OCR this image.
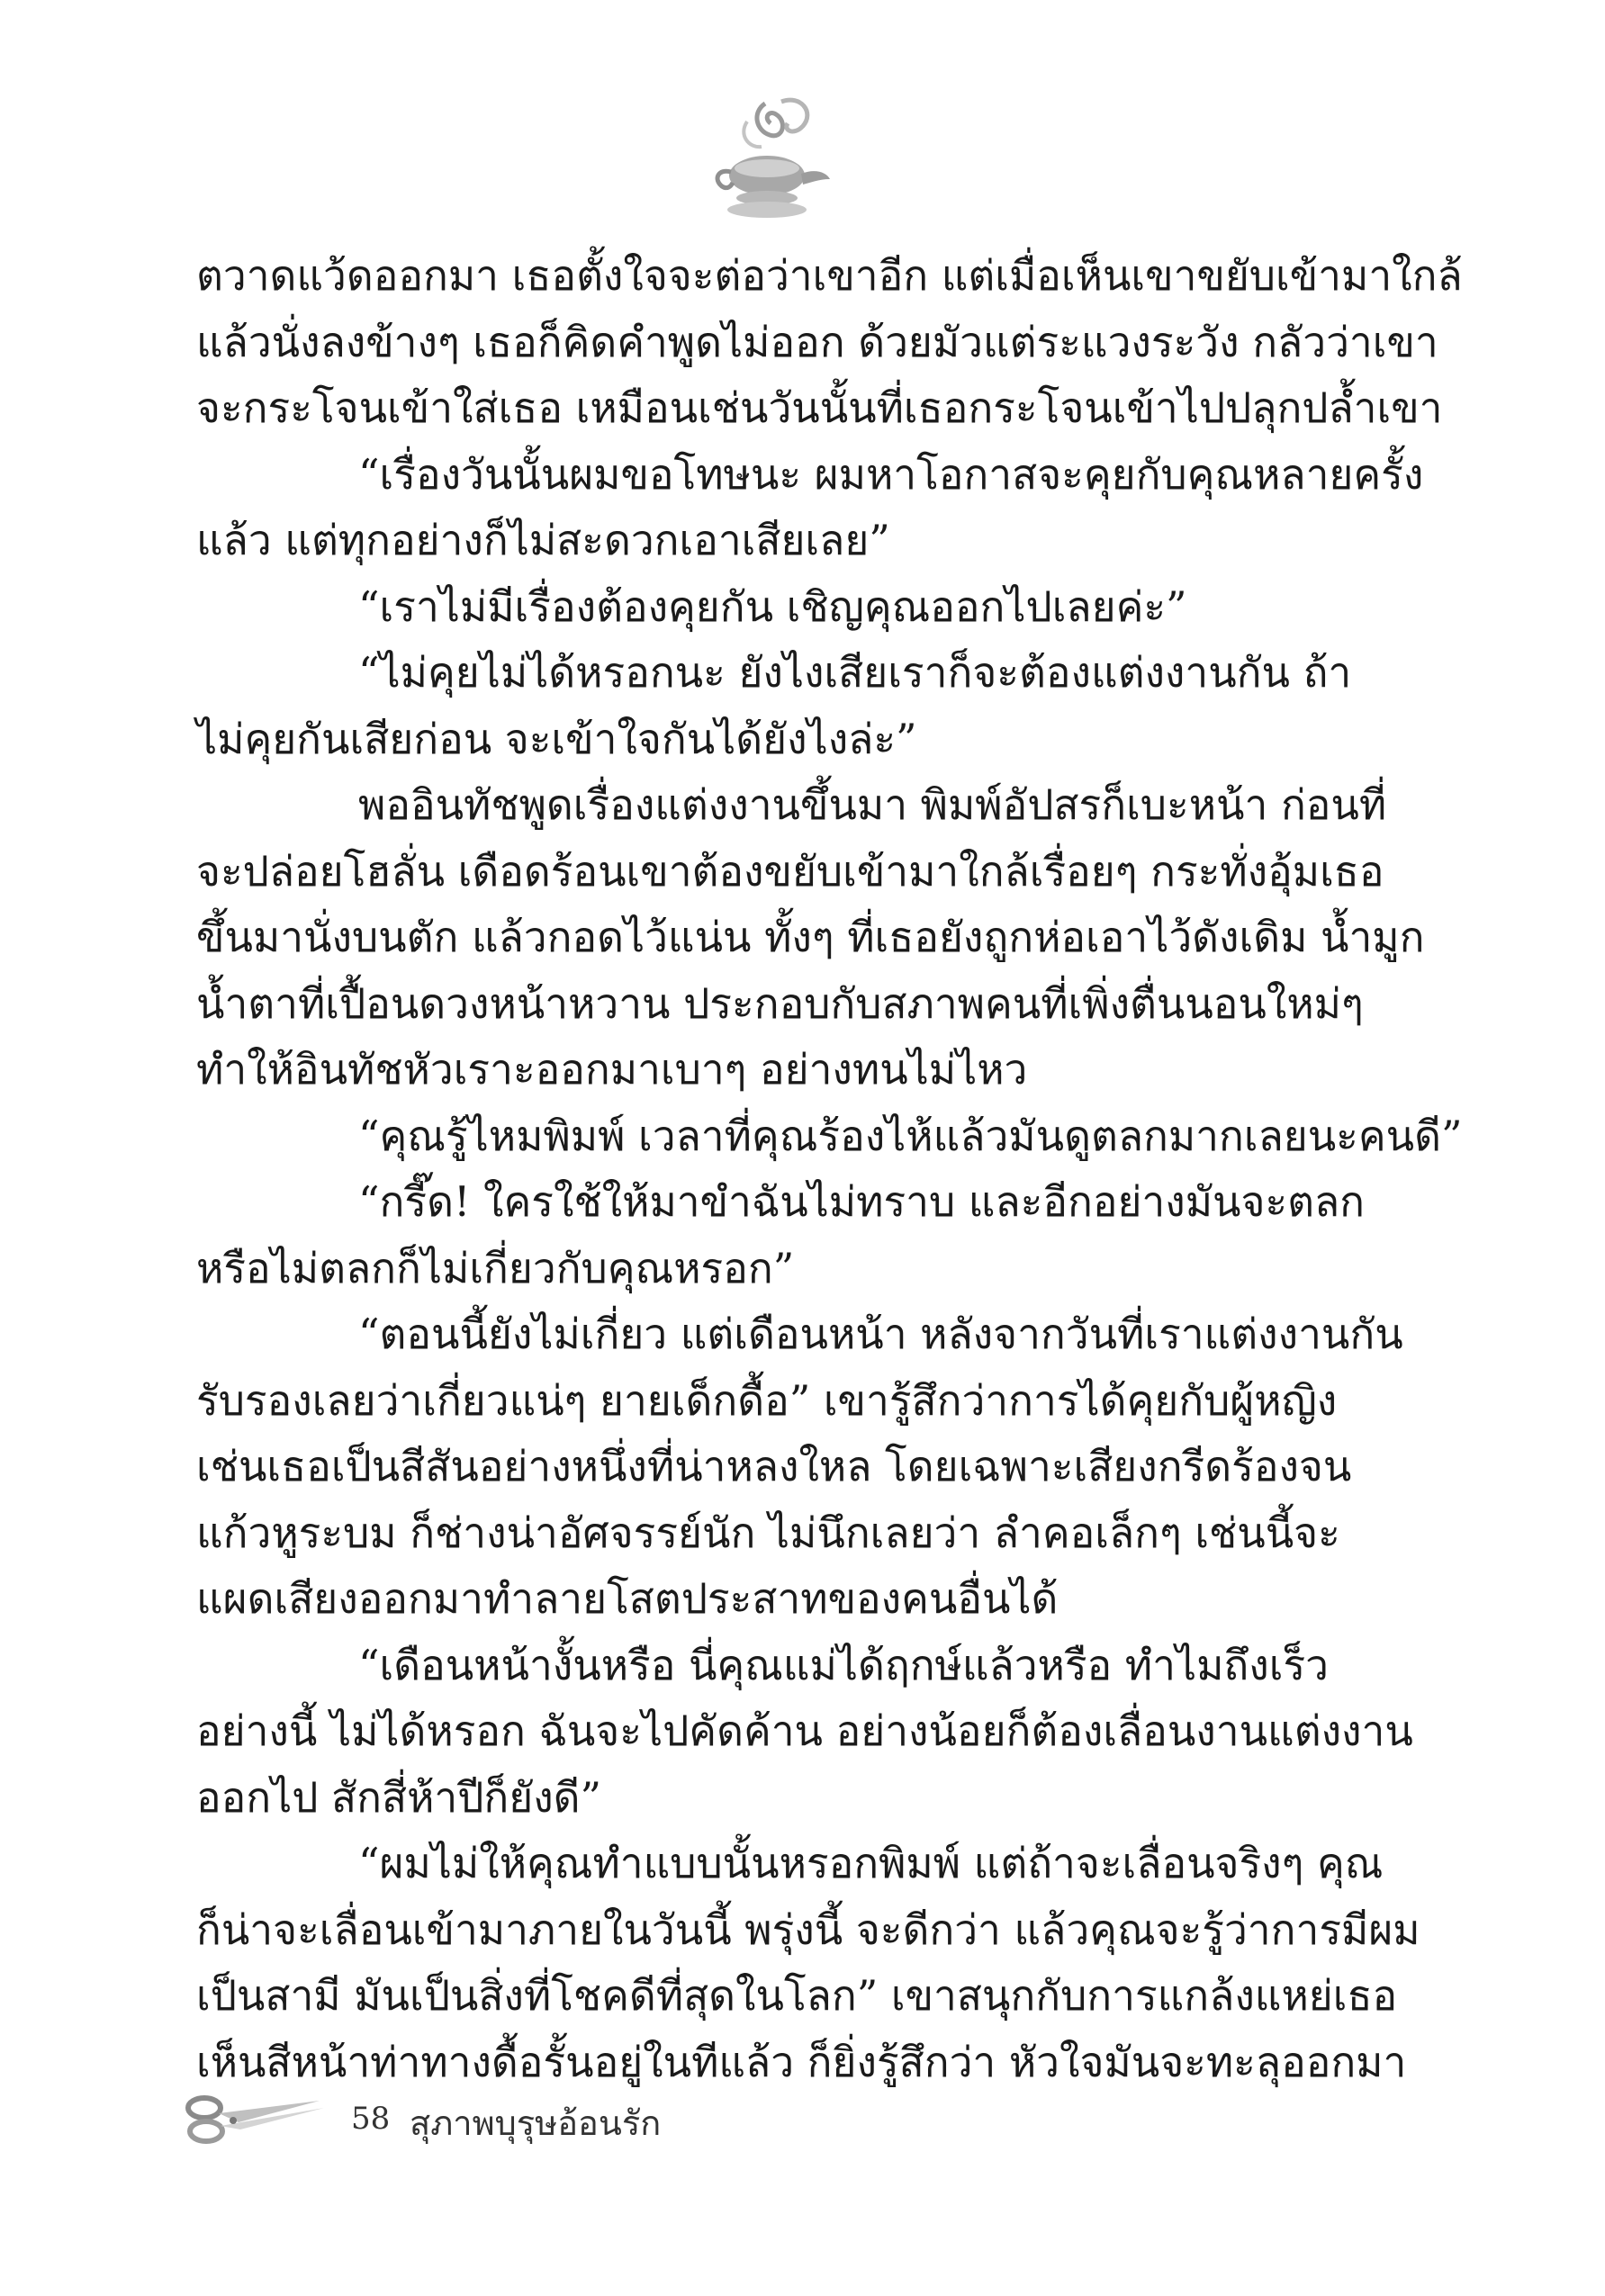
ตวาดแว้ดออกมา เธอตั้งใจจะต่อว่าเขาอีก แต่เมื่อเห็นเขาขยับเข้ามาใกล้
แล้วนั่งลงข้างๆ เธอก็คิดคำพูดไม่ออก ด้วยมัวแต่ระแวงระวัง กลัวว่าเขา
จะกระโจนเข้าใส่เธอ เหมือนเช่นวันนั้นที่เธอกระโจนเข้าไปปลุกปล้ำเขา
“เรื่องวันนั้นผมขอโทษนะ ผมหาโอกาสจะคุยกับคุณหลายครั้ง
แล้ว แต่ทุกอย่างก็ไม่สะดวกเอาเสียเลย”
“เราไม่มีเรื่องต้องคุยกัน เชิญคุณออกไปเลยค่ะ”
“ไม่คุยไม่ได้หรอกนะ ยังไงเสียเราก็จะต้องแต่งงานกัน ถ้า
ไม่คุยกันเสียก่อน จะเข้าใจกันได้ยังไงล่ะ”
พออินทัชพูดเรื่องแต่งงานขึ้นมา พิมพ์อัปสรก็เบะหน้า ก่อนที่
จะปล่อยโฮลั่น เดือดร้อนเขาต้องขยับเข้ามาใกล้เรื่อยๆ กระทั่งอุ้มเธอ
ขึ้นมานั่งบนตัก แล้วกอดไว้แน่น ทั้งๆ ที่เธอยังถูกห่อเอาไว้ดังเดิม น้ำมูก
น้ำตาที่เปื้อนดวงหน้าหวาน ประกอบกับสภาพคนที่เพิ่งตื่นนอนใหม่ๆ
ทำให้อินทัชหัวเราะออกมาเบาๆ อย่างทนไม่ไหว
“คุณรู้ไหมพิมพ์ เวลาที่คุณร้องไห้แล้วมันดูตลกมากเลยนะคนดี”
“กรี๊ด! ใครใช้ให้มาขำฉันไม่ทราบ และอีกอย่างมันจะตลก
หรือไม่ตลกก็ไม่เกี่ยวกับคุณหรอก”
“ตอนนี้ยังไม่เกี่ยว แต่เดือนหน้า หลังจากวันที่เราแต่งงานกัน
รับรองเลยว่าเกี่ยวแน่ๆ ยายเด็กดื้อ” เขารู้สึกว่าการได้คุยกับผู้หญิง
เช่นเธอเป็นสีสันอย่างหนึ่งที่น่าหลงใหล โดยเฉพาะเสียงกรีดร้องจน
แก้วหูระบม ก็ช่างน่าอัศจรรย์นัก ไม่นึกเลยว่า ลำคอเล็กๆ เช่นนี้จะ
แผดเสียงออกมาทำลายโสตประสาทของคนอื่นได้
“เดือนหน้างั้นหรือ นี่คุณแม่ได้ฤกษ์แล้วหรือ ทำไมถึงเร็ว
อย่างนี้ ไม่ได้หรอก ฉันจะไปคัดค้าน อย่างน้อยก็ต้องเลื่อนงานแต่งงาน
ออกไป สักสี่ห้าปีก็ยังดี”
“ผมไม่ให้คุณทำแบบนั้นหรอกพิมพ์ แต่ถ้าจะเลื่อนจริงๆ คุณ
ก็น่าจะเลื่อนเข้ามาภายในวันนี้ พรุ่งนี้ จะดีกว่า แล้วคุณจะรู้ว่าการมีผม
เป็นสามี มันเป็นสิ่งที่โชคดีที่สุดในโลก” เขาสนุกกับการแกล้งแหย่เธอ
เห็นสีหน้าท่าทางดื้อรั้นอยู่ในทีแล้ว ก็ยิ่งรู้สึกว่า หัวใจมันจะทะลุออกมา
58 สุภาพบุรุษอ้อนรัก
